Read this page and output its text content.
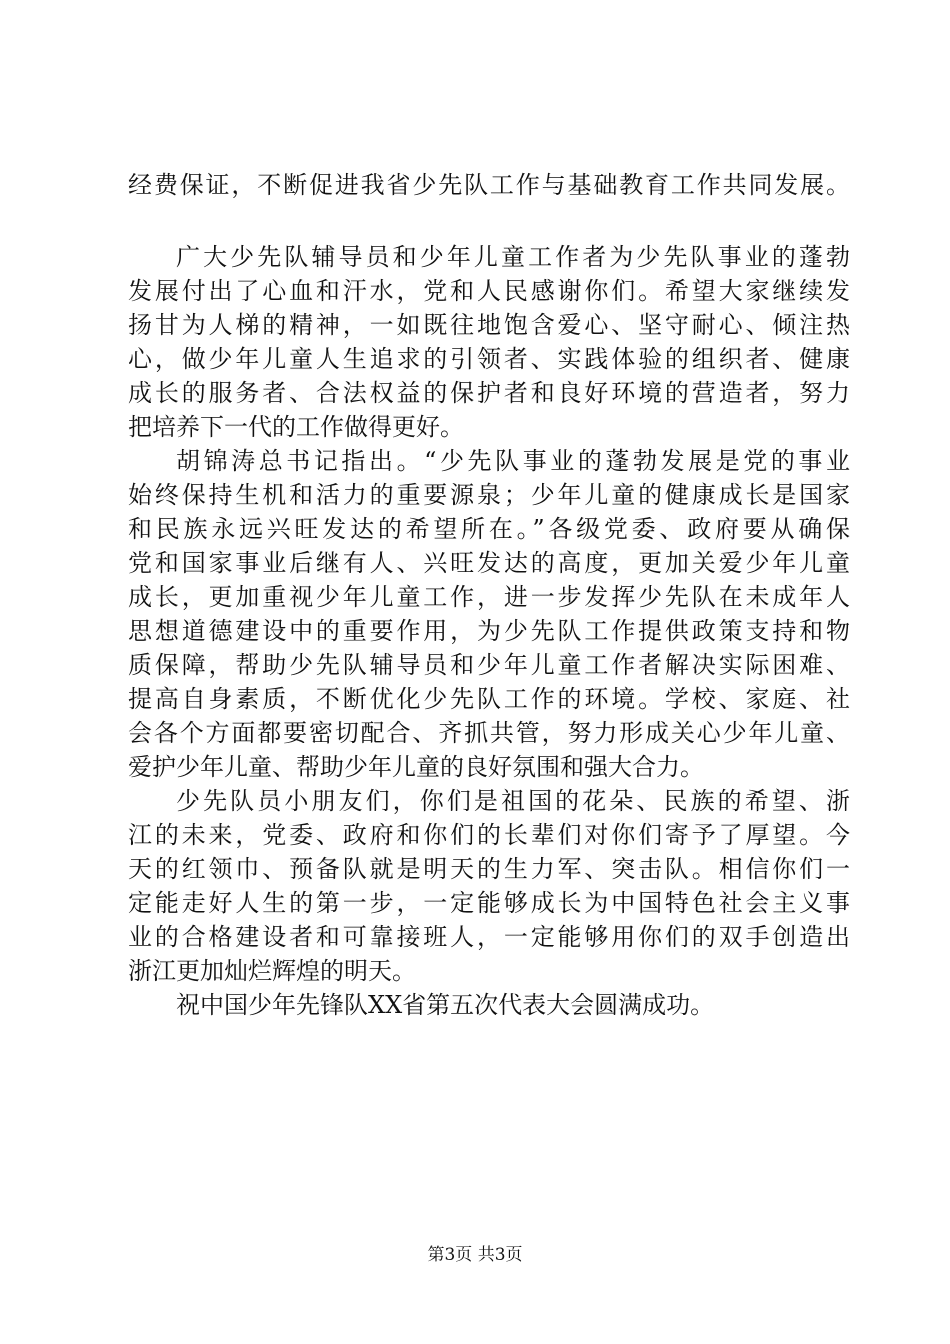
经费保证，不断促进我省少先队工作与基础教育工作共同发展。
广大少先队辅导员和少年儿童工作者为少先队事业的蓬勃
发展付出了心血和汗水，党和人民感谢你们。希望大家继续发
扬甘为人梯的精神，一如既往地饱含爱心、坚守耐心、倾注热
心，做少年儿童人生追求的引领者、实践体验的组织者、健康
成长的服务者、合法权益的保护者和良好环境的营造者，努力
把培养下一代的工作做得更好。
胡锦涛总书记指出。“少先队事业的蓬勃发展是党的事业
始终保持生机和活力的重要源泉；少年儿童的健康成长是国家
和民族永远兴旺发达的希望所在。”各级党委、政府要从确保
党和国家事业后继有人、兴旺发达的高度，更加关爱少年儿童
成长，更加重视少年儿童工作，进一步发挥少先队在未成年人
思想道德建设中的重要作用，为少先队工作提供政策支持和物
质保障，帮助少先队辅导员和少年儿童工作者解决实际困难、
提高自身素质，不断优化少先队工作的环境。学校、家庭、社
会各个方面都要密切配合、齐抓共管，努力形成关心少年儿童、
爱护少年儿童、帮助少年儿童的良好氛围和强大合力。
少先队员小朋友们，你们是祖国的花朵、民族的希望、浙
江的未来，党委、政府和你们的长辈们对你们寄予了厚望。今
天的红领巾、预备队就是明天的生力军、突击队。相信你们一
定能走好人生的第一步，一定能够成长为中国特色社会主义事
业的合格建设者和可靠接班人，一定能够用你们的双手创造出
浙江更加灿烂辉煌的明天。
祝中国少年先锋队XX省第五次代表大会圆满成功。
第3页 共3页
